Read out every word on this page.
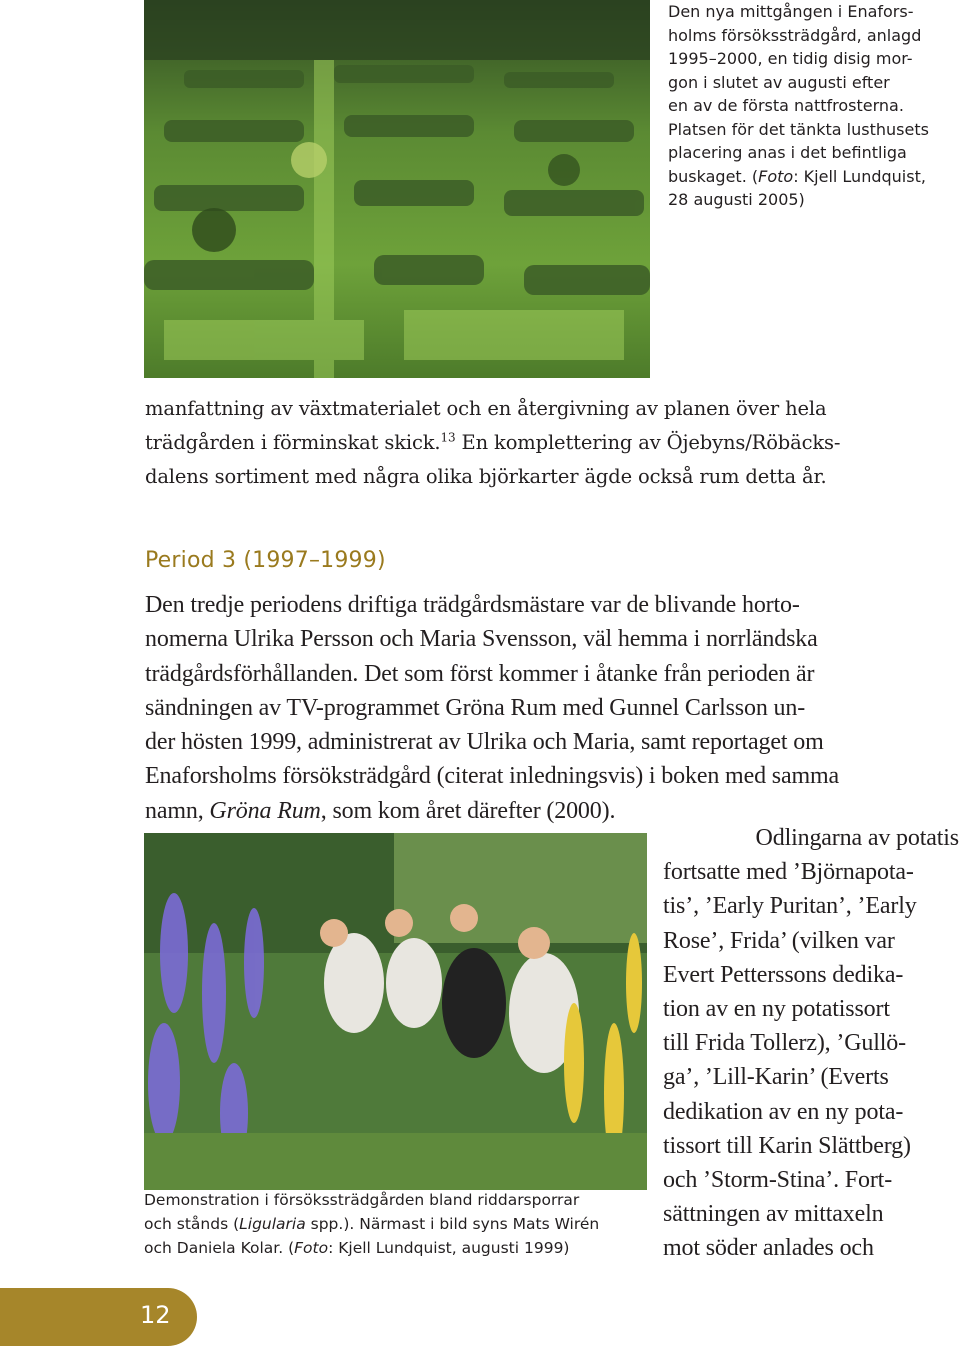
Den nya mittgången i Enafors-

holms försökssträdgård, anlagd

1995–2000, en tidig disig mor-

gon i slutet av augusti efter

en av de första nattfrosterna.

Platsen för det tänkta lusthusets

placering anas i det befintliga

buskaget. (Foto: Kjell Lundquist,

28 augusti 2005)

manfattning av växtmaterialet och en återgivning av planen över hela

trädgården i förminskat skick.$^{13}$ En komplettering av Öjebyns/Röbäcks-

dalens sortiment med några olika björkarter ägde också rum detta år.

Period 3 (1997–1999)

Den tredje periodens driftiga trädgårdsmästare var de blivande horto-

nomerna Ulrika Persson och Maria Svensson, väl hemma i norrländska

trädgårdsförhållanden. Det som först kommer i åtanke från perioden är

sändningen av TV-programmet Gröna Rum med Gunnel Carlsson un-

der hösten 1999, administrerat av Ulrika och Maria, samt reportaget om

Enaforsholms försöksträdgård (citerat inledningsvis) i boken med samma

namn, Gröna Rum, som kom året därefter (2000).

Demonstration i försökssträdgården bland riddarsporrar

och stånds (Ligularia spp.). Närmast i bild syns Mats Wirén

och Daniela Kolar. (Foto: Kjell Lundquist, augusti 1999)

Odlingarna av potatis

fortsatte med ’Björnapota-

tis’, ’Early Puritan’, ’Early

Rose’, Frida’ (vilken var

Evert Petterssons dedika-

tion av en ny potatissort

till Frida Tollerz), ’Gullö-

ga’, ’Lill-Karin’ (Everts

dedikation av en ny pota-

tissort till Karin Slättberg)

och ’Storm-Stina’. Fort-

sättningen av mittaxeln

mot söder anlades och

12
